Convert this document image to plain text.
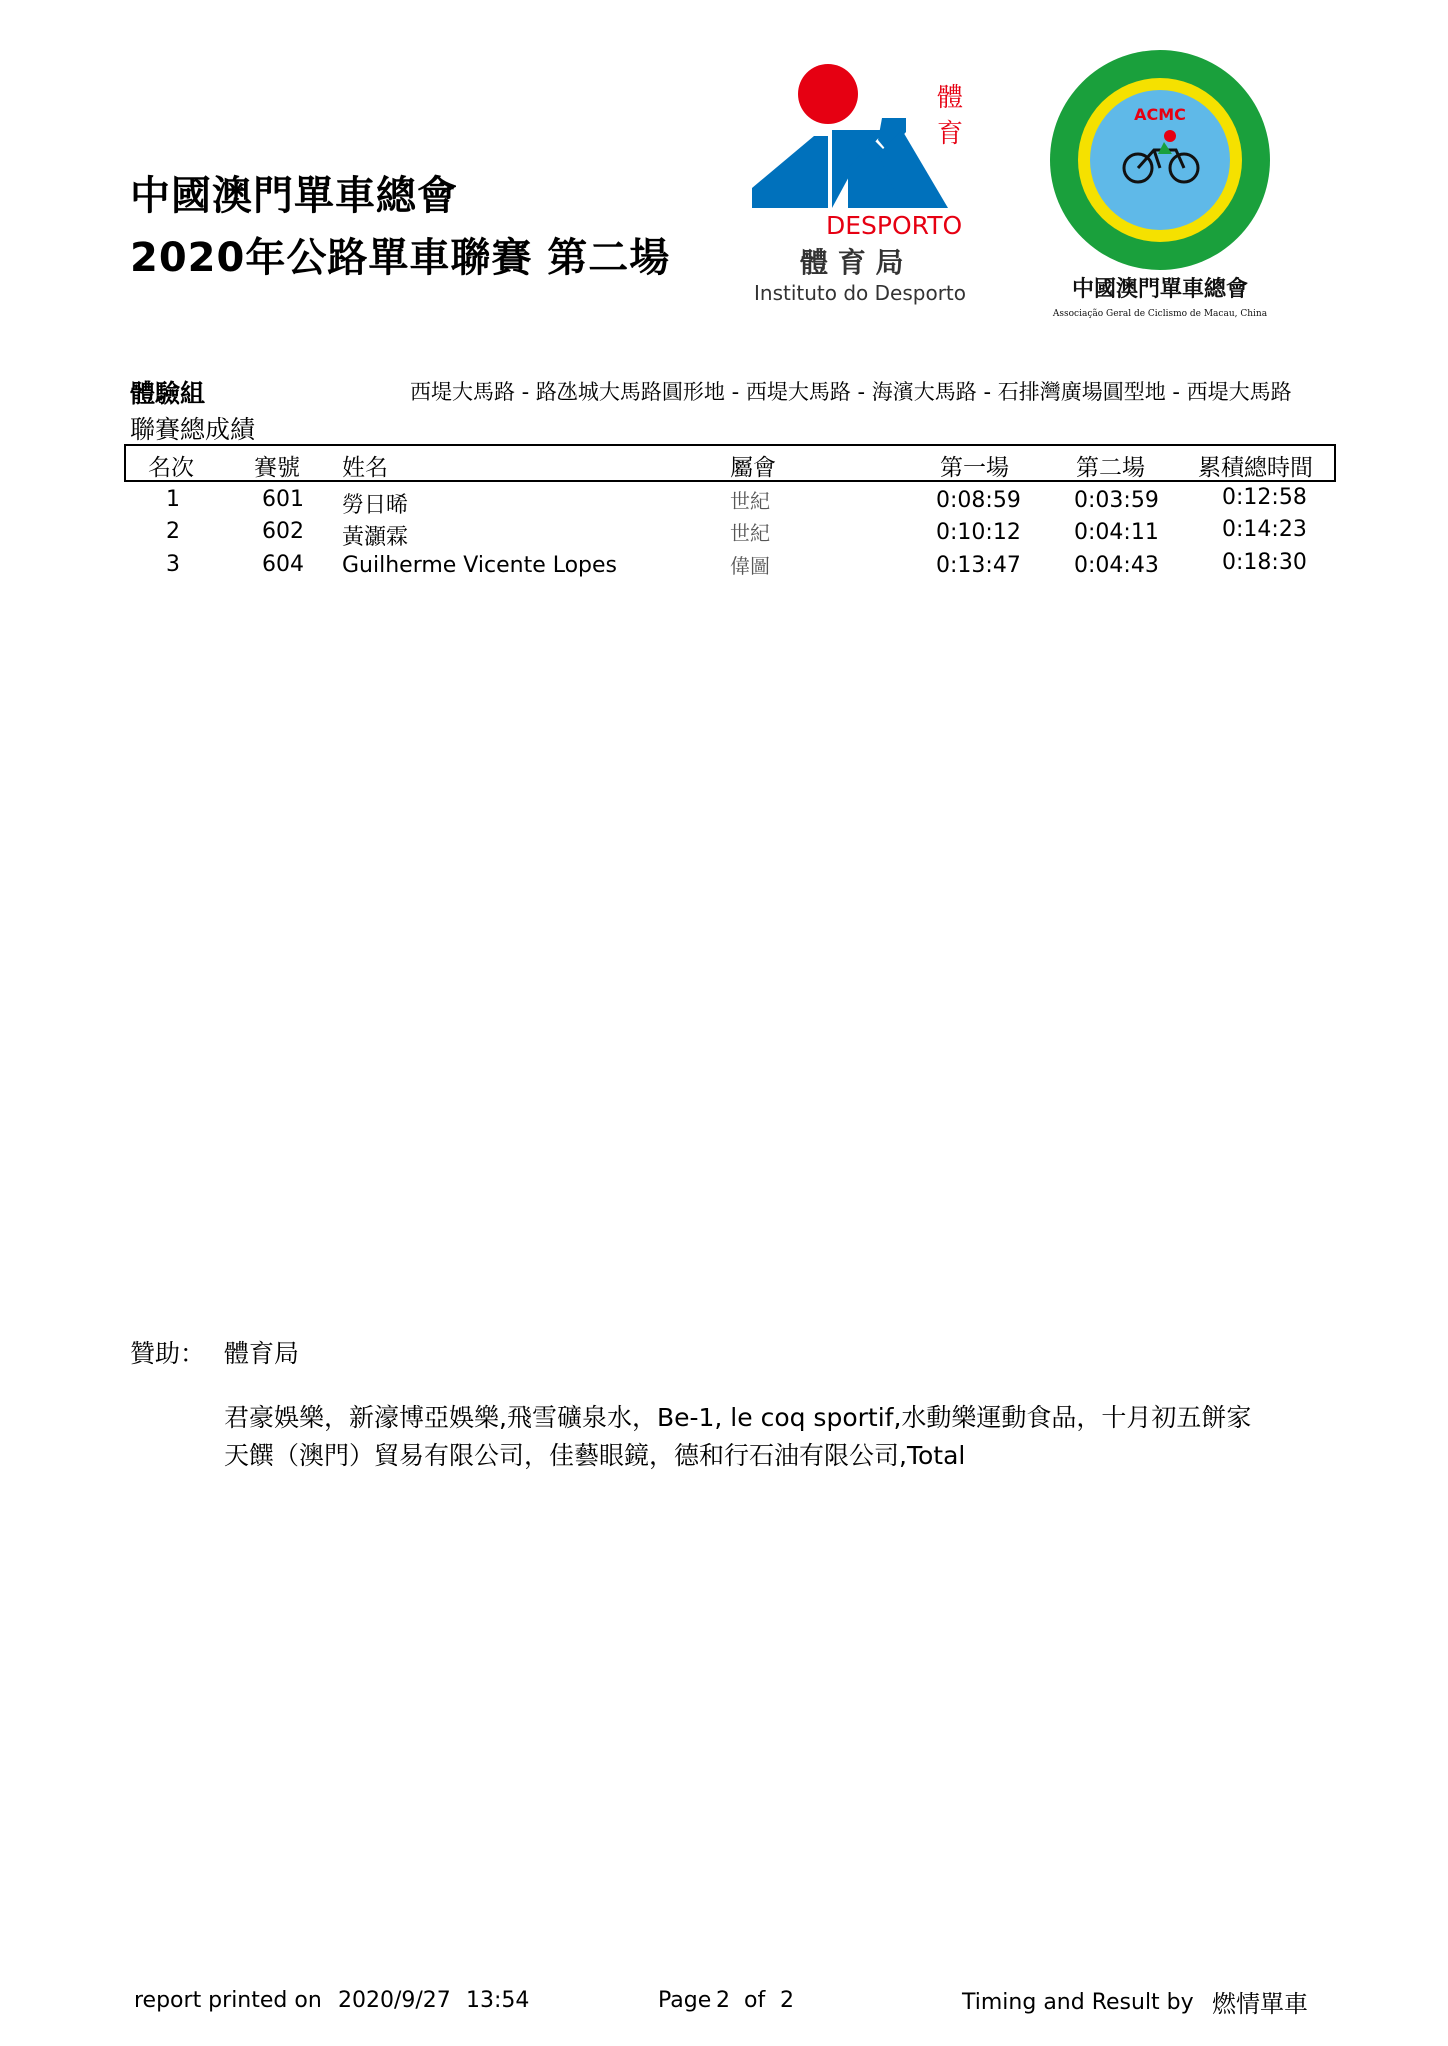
中國澳門單車總會
2020年公路單車聯賽 第二場
體
育
DESPORTO
體 育 局
Instituto do Desporto
ACMC
中國澳門單車總會
Associação Geral de Ciclismo de Macau, China
體驗組	西堤大馬路 - 路氹城大馬路圓形地 - 西堤大馬路 - 海濱大馬路 - 石排灣廣場圓型地 - 西堤大馬路
聯賽總成績
名次	賽號 姓名	屬會	第一場	第二場 累積總時間
1	601 勞日晞	世紀	0:08:59 0:03:59	0:12:58
2	602 黃灝霖	世紀	0:10:12 0:04:11	0:14:23
3	604 Guilherme Vicente Lopes	偉圖	0:13:47 0:04:43	0:18:30
贊助： 體育局
君豪娛樂，新濠博亞娛樂,飛雪礦泉水，Be-1, le coq sportif,水動樂運動食品，十月初五餅家
天饌（澳門）貿易有限公司，佳藝眼鏡，德和行石油有限公司,Total
report printed on 2020/9/27 13:54	Page 2 of 2	Timing and Result by 燃情單車
